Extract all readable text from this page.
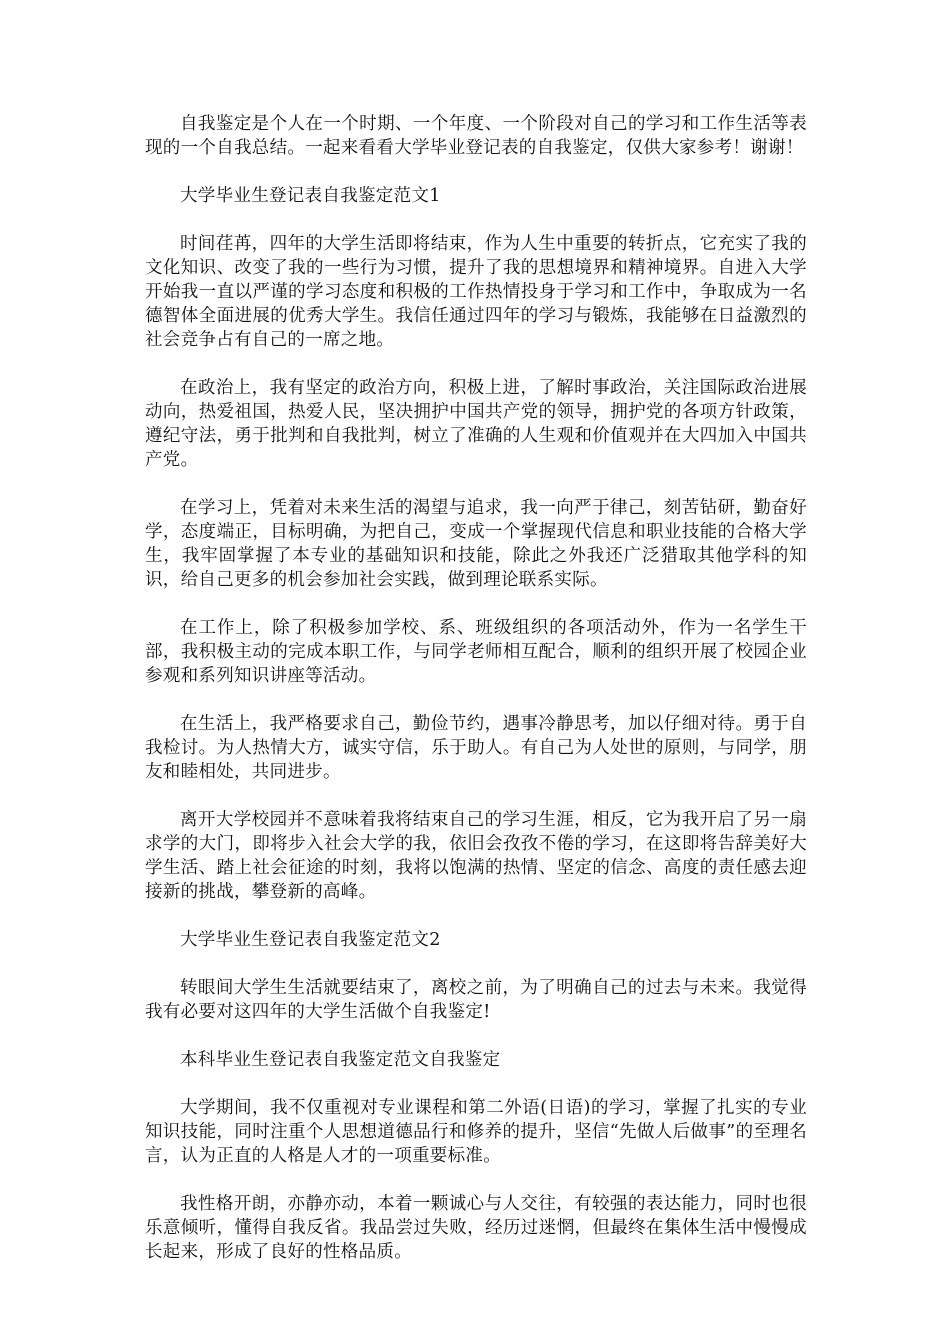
自我鉴定是个人在一个时期、一个年度、一个阶段对自己的学习和工作生活等表现的一个自我总结。一起来看看大学毕业登记表的自我鉴定，仅供大家参考！谢谢！

大学毕业生登记表自我鉴定范文1

时间荏苒，四年的大学生活即将结束，作为人生中重要的转折点，它充实了我的文化知识、改变了我的一些行为习惯，提升了我的思想境界和精神境界。自进入大学开始我一直以严谨的学习态度和积极的工作热情投身于学习和工作中，争取成为一名德智体全面进展的优秀大学生。我信任通过四年的学习与锻炼，我能够在日益激烈的社会竞争占有自己的一席之地。

在政治上，我有坚定的政治方向，积极上进，了解时事政治，关注国际政治进展动向，热爱祖国，热爱人民，坚决拥护中国共产党的领导，拥护党的各项方针政策，遵纪守法，勇于批判和自我批判，树立了准确的人生观和价值观并在大四加入中国共产党。

在学习上，凭着对未来生活的渴望与追求，我一向严于律己，刻苦钻研，勤奋好学，态度端正，目标明确，为把自己，变成一个掌握现代信息和职业技能的合格大学生，我牢固掌握了本专业的基础知识和技能，除此之外我还广泛猎取其他学科的知识，给自己更多的机会参加社会实践，做到理论联系实际。

在工作上，除了积极参加学校、系、班级组织的各项活动外，作为一名学生干部，我积极主动的完成本职工作，与同学老师相互配合，顺利的组织开展了校园企业参观和系列知识讲座等活动。

在生活上，我严格要求自己，勤俭节约，遇事冷静思考，加以仔细对待。勇于自我检讨。为人热情大方，诚实守信，乐于助人。有自己为人处世的原则，与同学，朋友和睦相处，共同进步。

离开大学校园并不意味着我将结束自己的学习生涯，相反，它为我开启了另一扇求学的大门，即将步入社会大学的我，依旧会孜孜不倦的学习，在这即将告辞美好大学生活、踏上社会征途的时刻，我将以饱满的热情、坚定的信念、高度的责任感去迎接新的挑战，攀登新的高峰。

大学毕业生登记表自我鉴定范文2

转眼间大学生生活就要结束了，离校之前，为了明确自己的过去与未来。我觉得我有必要对这四年的大学生活做个自我鉴定!

本科毕业生登记表自我鉴定范文自我鉴定

大学期间，我不仅重视对专业课程和第二外语(日语)的学习，掌握了扎实的专业知识技能，同时注重个人思想道德品行和修养的提升，坚信“先做人后做事”的至理名言，认为正直的人格是人才的一项重要标准。

我性格开朗，亦静亦动，本着一颗诚心与人交往，有较强的表达能力，同时也很乐意倾听，懂得自我反省。我品尝过失败，经历过迷惘，但最终在集体生活中慢慢成长起来，形成了良好的性格品质。
